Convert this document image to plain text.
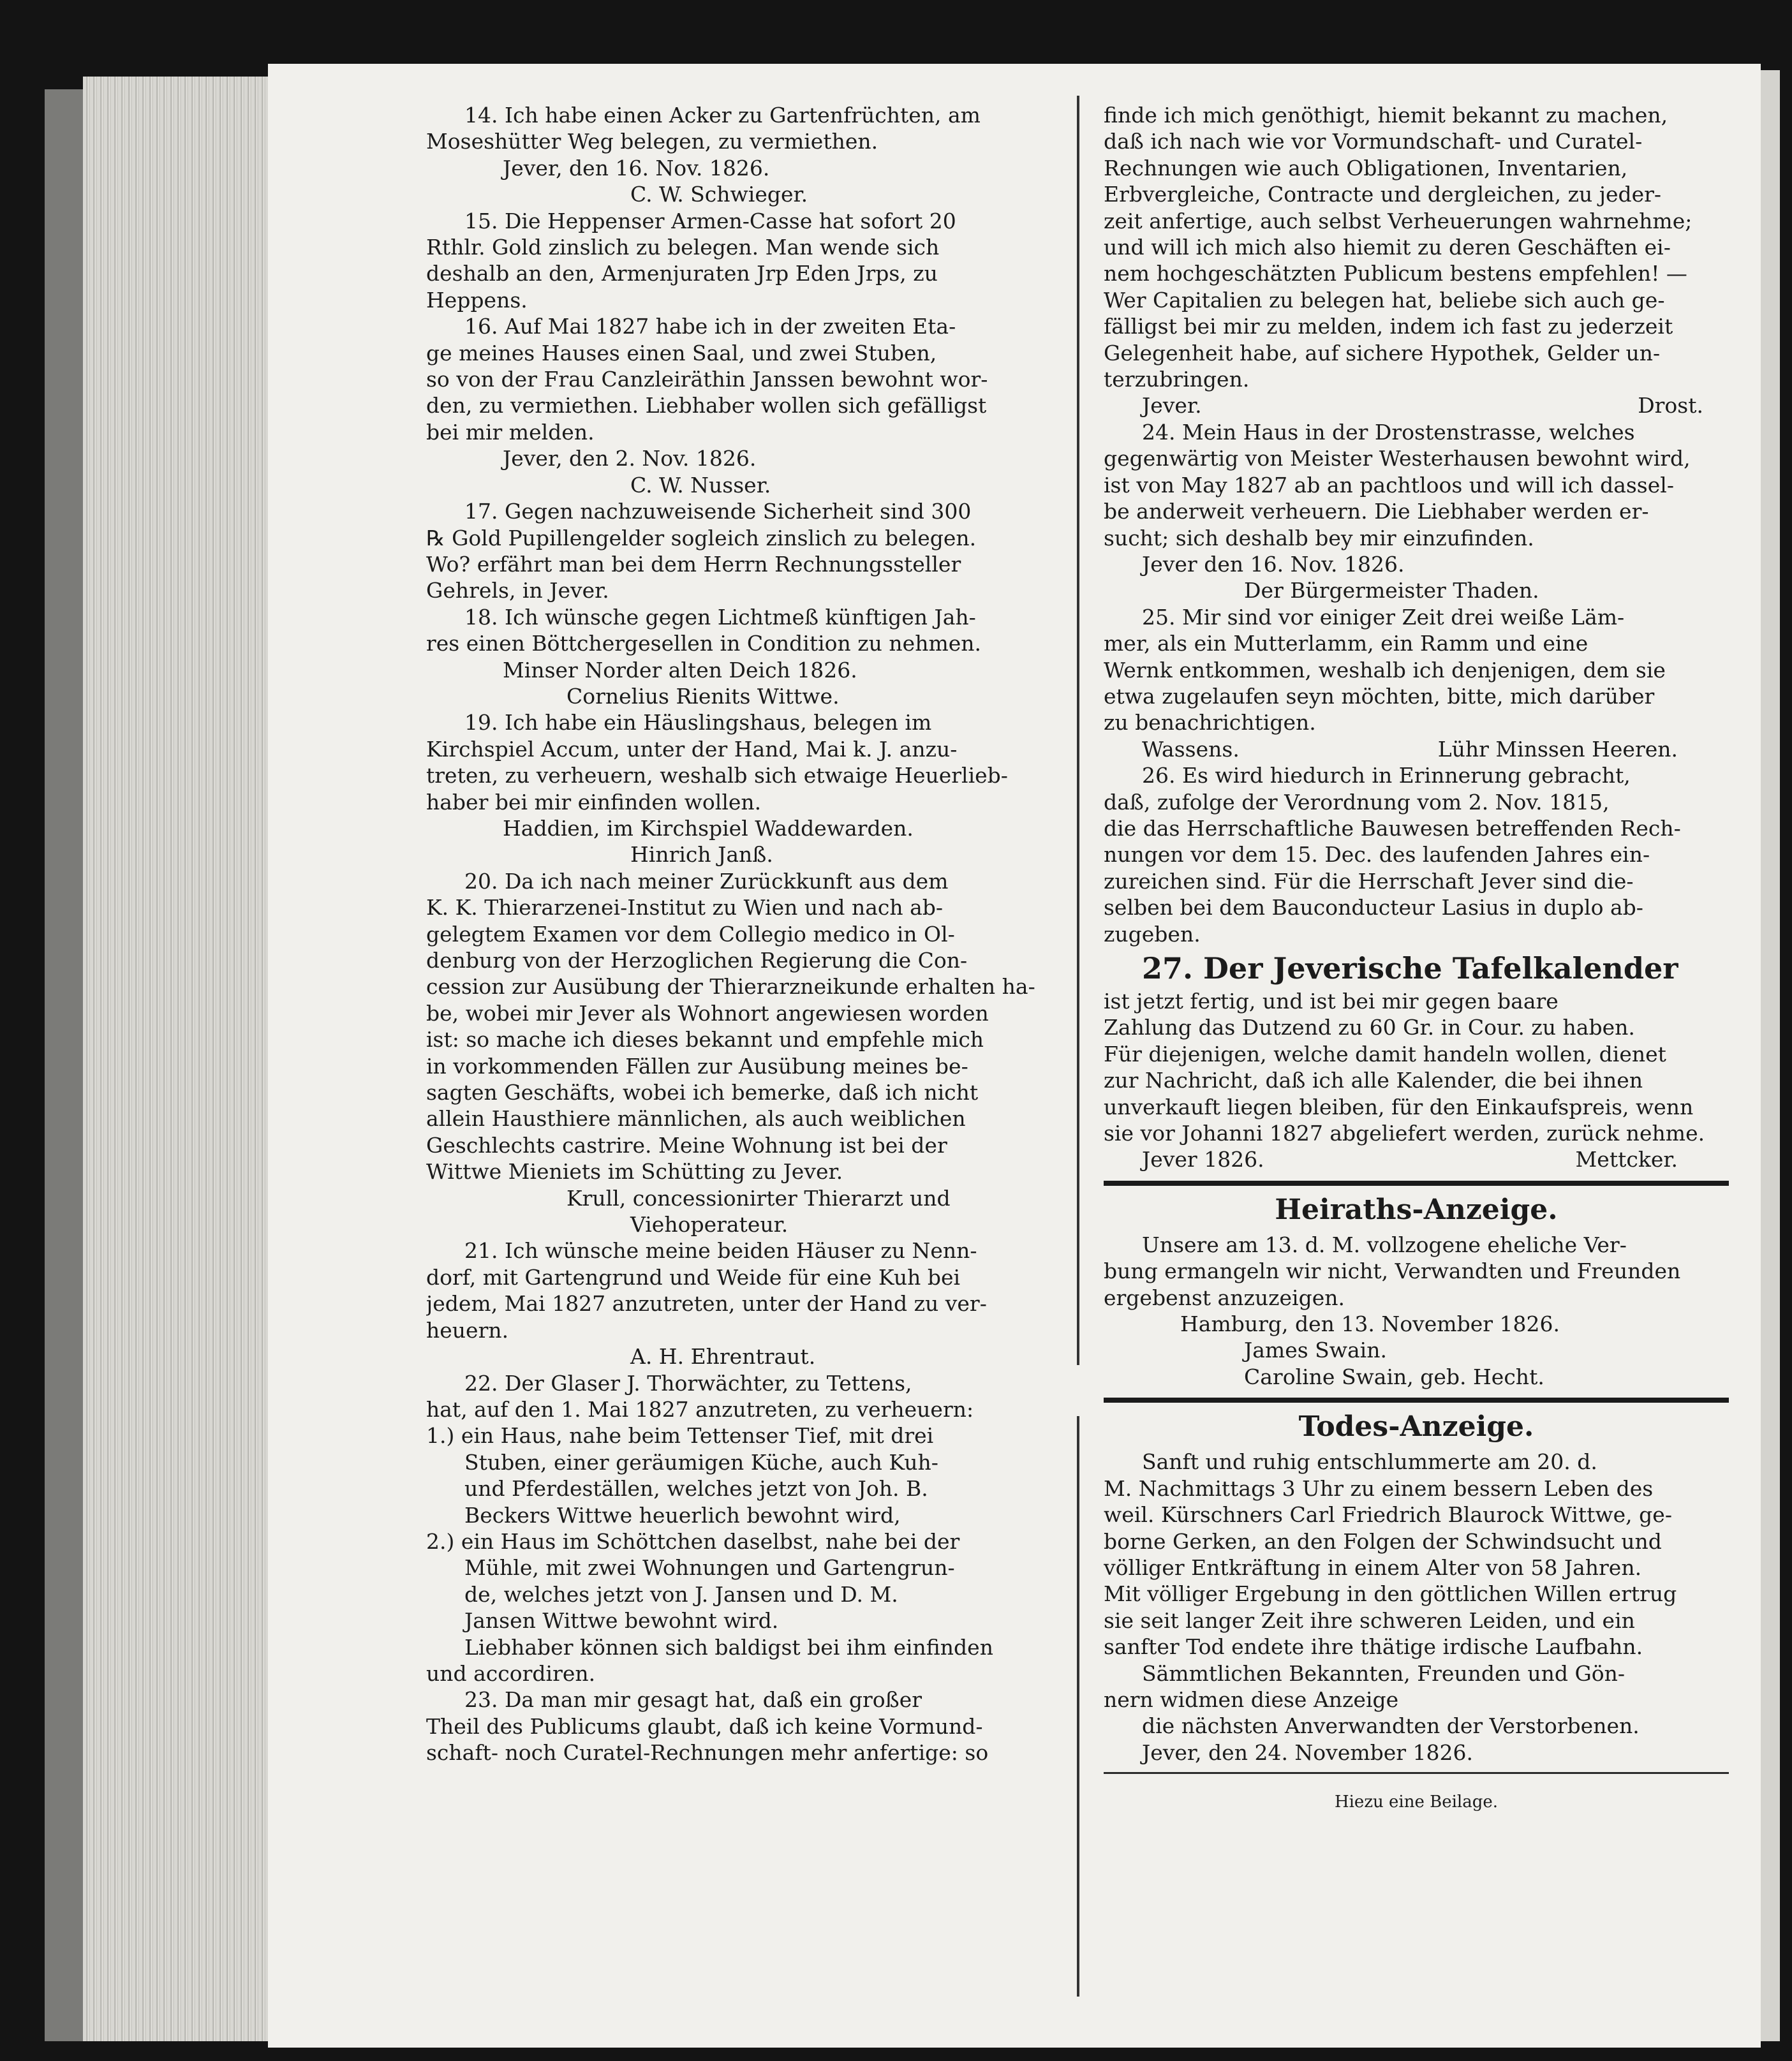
14. Ich habe einen Acker zu Gartenfrüchten, am
Moseshütter Weg belegen, zu vermiethen.
Jever, den 16. Nov. 1826.
C. W. Schwieger.
15. Die Heppenser Armen-Casse hat sofort 20
Rthlr. Gold zinslich zu belegen. Man wende sich
deshalb an den, Armenjuraten Jrp Eden Jrps, zu
Heppens.
16. Auf Mai 1827 habe ich in der zweiten Eta-
ge meines Hauses einen Saal, und zwei Stuben,
so von der Frau Canzleiräthin Janssen bewohnt wor-
den, zu vermiethen. Liebhaber wollen sich gefälligst
bei mir melden.
Jever, den 2. Nov. 1826.
C. W. Nusser.
17. Gegen nachzuweisende Sicherheit sind 300
℞ Gold Pupillengelder sogleich zinslich zu belegen.
Wo? erfährt man bei dem Herrn Rechnungssteller
Gehrels, in Jever.
18. Ich wünsche gegen Lichtmeß künftigen Jah-
res einen Böttchergesellen in Condition zu nehmen.
Minser Norder alten Deich 1826.
Cornelius Rienits Wittwe.
19. Ich habe ein Häuslingshaus, belegen im
Kirchspiel Accum, unter der Hand, Mai k. J. anzu-
treten, zu verheuern, weshalb sich etwaige Heuerlieb-
haber bei mir einfinden wollen.
Haddien, im Kirchspiel Waddewarden.
Hinrich Janß.
20. Da ich nach meiner Zurückkunft aus dem
K. K. Thierarzenei-Institut zu Wien und nach ab-
gelegtem Examen vor dem Collegio medico in Ol-
denburg von der Herzoglichen Regierung die Con-
cession zur Ausübung der Thierarzneikunde erhalten ha-
be, wobei mir Jever als Wohnort angewiesen worden
ist: so mache ich dieses bekannt und empfehle mich
in vorkommenden Fällen zur Ausübung meines be-
sagten Geschäfts, wobei ich bemerke, daß ich nicht
allein Hausthiere männlichen, als auch weiblichen
Geschlechts castrire. Meine Wohnung ist bei der
Wittwe Mieniets im Schütting zu Jever.
Krull, concessionirter Thierarzt und
Viehoperateur.
21. Ich wünsche meine beiden Häuser zu Nenn-
dorf, mit Gartengrund und Weide für eine Kuh bei
jedem, Mai 1827 anzutreten, unter der Hand zu ver-
heuern.
A. H. Ehrentraut.
22. Der Glaser J. Thorwächter, zu Tettens,
hat, auf den 1. Mai 1827 anzutreten, zu verheuern:
1.) ein Haus, nahe beim Tettenser Tief, mit drei
Stuben, einer geräumigen Küche, auch Kuh-
und Pferdeställen, welches jetzt von Joh. B.
Beckers Wittwe heuerlich bewohnt wird,
2.) ein Haus im Schöttchen daselbst, nahe bei der
Mühle, mit zwei Wohnungen und Gartengrun-
de, welches jetzt von J. Jansen und D. M.
Jansen Wittwe bewohnt wird.
Liebhaber können sich baldigst bei ihm einfinden
und accordiren.
23. Da man mir gesagt hat, daß ein großer
Theil des Publicums glaubt, daß ich keine Vormund-
schaft- noch Curatel-Rechnungen mehr anfertige: so
finde ich mich genöthigt, hiemit bekannt zu machen,
daß ich nach wie vor Vormundschaft- und Curatel-
Rechnungen wie auch Obligationen, Inventarien,
Erbvergleiche, Contracte und dergleichen, zu jeder-
zeit anfertige, auch selbst Verheuerungen wahrnehme;
und will ich mich also hiemit zu deren Geschäften ei-
nem hochgeschätzten Publicum bestens empfehlen! —
Wer Capitalien zu belegen hat, beliebe sich auch ge-
fälligst bei mir zu melden, indem ich fast zu jederzeit
Gelegenheit habe, auf sichere Hypothek, Gelder un-
terzubringen.
Jever.	Drost.
24. Mein Haus in der Drostenstrasse, welches
gegenwärtig von Meister Westerhausen bewohnt wird,
ist von May 1827 ab an pachtloos und will ich dassel-
be anderweit verheuern. Die Liebhaber werden er-
sucht; sich deshalb bey mir einzufinden.
Jever den 16. Nov. 1826.
Der Bürgermeister Thaden.
25. Mir sind vor einiger Zeit drei weiße Läm-
mer, als ein Mutterlamm, ein Ramm und eine
Wernk entkommen, weshalb ich denjenigen, dem sie
etwa zugelaufen seyn möchten, bitte, mich darüber
zu benachrichtigen.
Wassens.	Lühr Minssen Heeren.
26. Es wird hiedurch in Erinnerung gebracht,
daß, zufolge der Verordnung vom 2. Nov. 1815,
die das Herrschaftliche Bauwesen betreffenden Rech-
nungen vor dem 15. Dec. des laufenden Jahres ein-
zureichen sind. Für die Herrschaft Jever sind die-
selben bei dem Bauconducteur Lasius in duplo ab-
zugeben.
27. Der Jeverische Tafelkalender
ist jetzt fertig, und ist bei mir gegen baare
Zahlung das Dutzend zu 60 Gr. in Cour. zu haben.
Für diejenigen, welche damit handeln wollen, dienet
zur Nachricht, daß ich alle Kalender, die bei ihnen
unverkauft liegen bleiben, für den Einkaufspreis, wenn
sie vor Johanni 1827 abgeliefert werden, zurück nehme.
Jever 1826.	Mettcker.
Heiraths-Anzeige.
Unsere am 13. d. M. vollzogene eheliche Ver-
bung ermangeln wir nicht, Verwandten und Freunden
ergebenst anzuzeigen.
Hamburg, den 13. November 1826.
James Swain.
Caroline Swain, geb. Hecht.
Todes-Anzeige.
Sanft und ruhig entschlummerte am 20. d.
M. Nachmittags 3 Uhr zu einem bessern Leben des
weil. Kürschners Carl Friedrich Blaurock Wittwe, ge-
borne Gerken, an den Folgen der Schwindsucht und
völliger Entkräftung in einem Alter von 58 Jahren.
Mit völliger Ergebung in den göttlichen Willen ertrug
sie seit langer Zeit ihre schweren Leiden, und ein
sanfter Tod endete ihre thätige irdische Laufbahn.
Sämmtlichen Bekannten, Freunden und Gön-
nern widmen diese Anzeige
die nächsten Anverwandten der Verstorbenen.
Jever, den 24. November 1826.
Hiezu eine Beilage.
